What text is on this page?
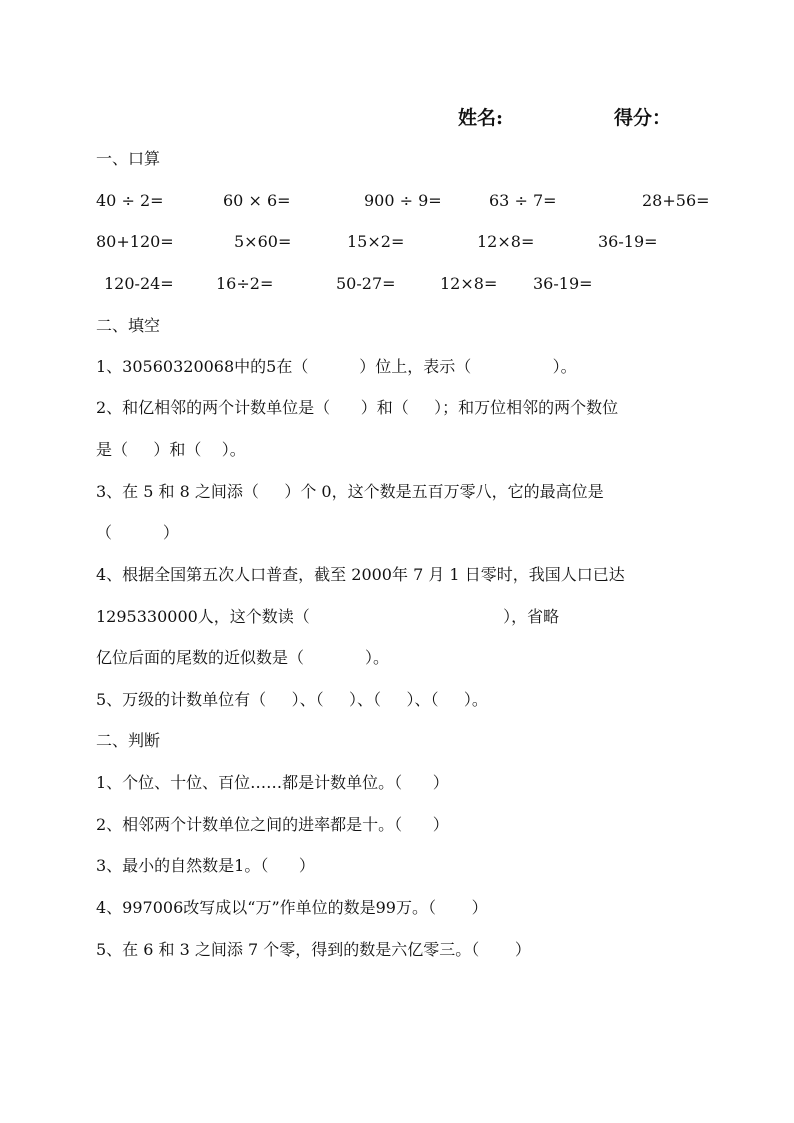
姓名:	得分：
一、口算
40 ÷ 2=	60 × 6=	900 ÷ 9=	63 ÷ 7=	28+56=
80+120=	5×60=	15×2=	12×8=	36-19=
120-24=	16÷2=	50-27=	12×8= 36-19=
二、填空
1、30560320068中的5在（          ）位上，表示（                ）。
2、和亿相邻的两个计数单位是（      ）和（     ）；和万位相邻的两个数位
是（     ）和（    ）。
3、在 5 和 8 之间添（     ）个 0，这个数是五百万零八，它的最高位是
（          ）
4、根据全国第五次人口普查，截至 2000年 7 月 1 日零时，我国人口已达
1295330000人，这个数读（                                      ），省略
亿位后面的尾数的近似数是（            ）。
5、万级的计数单位有（     ）、（     ）、（     ）、（     ）。
二、判断
1、个位、十位、百位……都是计数单位。（      ）
2、相邻两个计数单位之间的进率都是十。（      ）
3、最小的自然数是1。（      ）
4、997006改写成以“万”作单位的数是99万。（       ）
5、在 6 和 3 之间添 7 个零，得到的数是六亿零三。（       ）
